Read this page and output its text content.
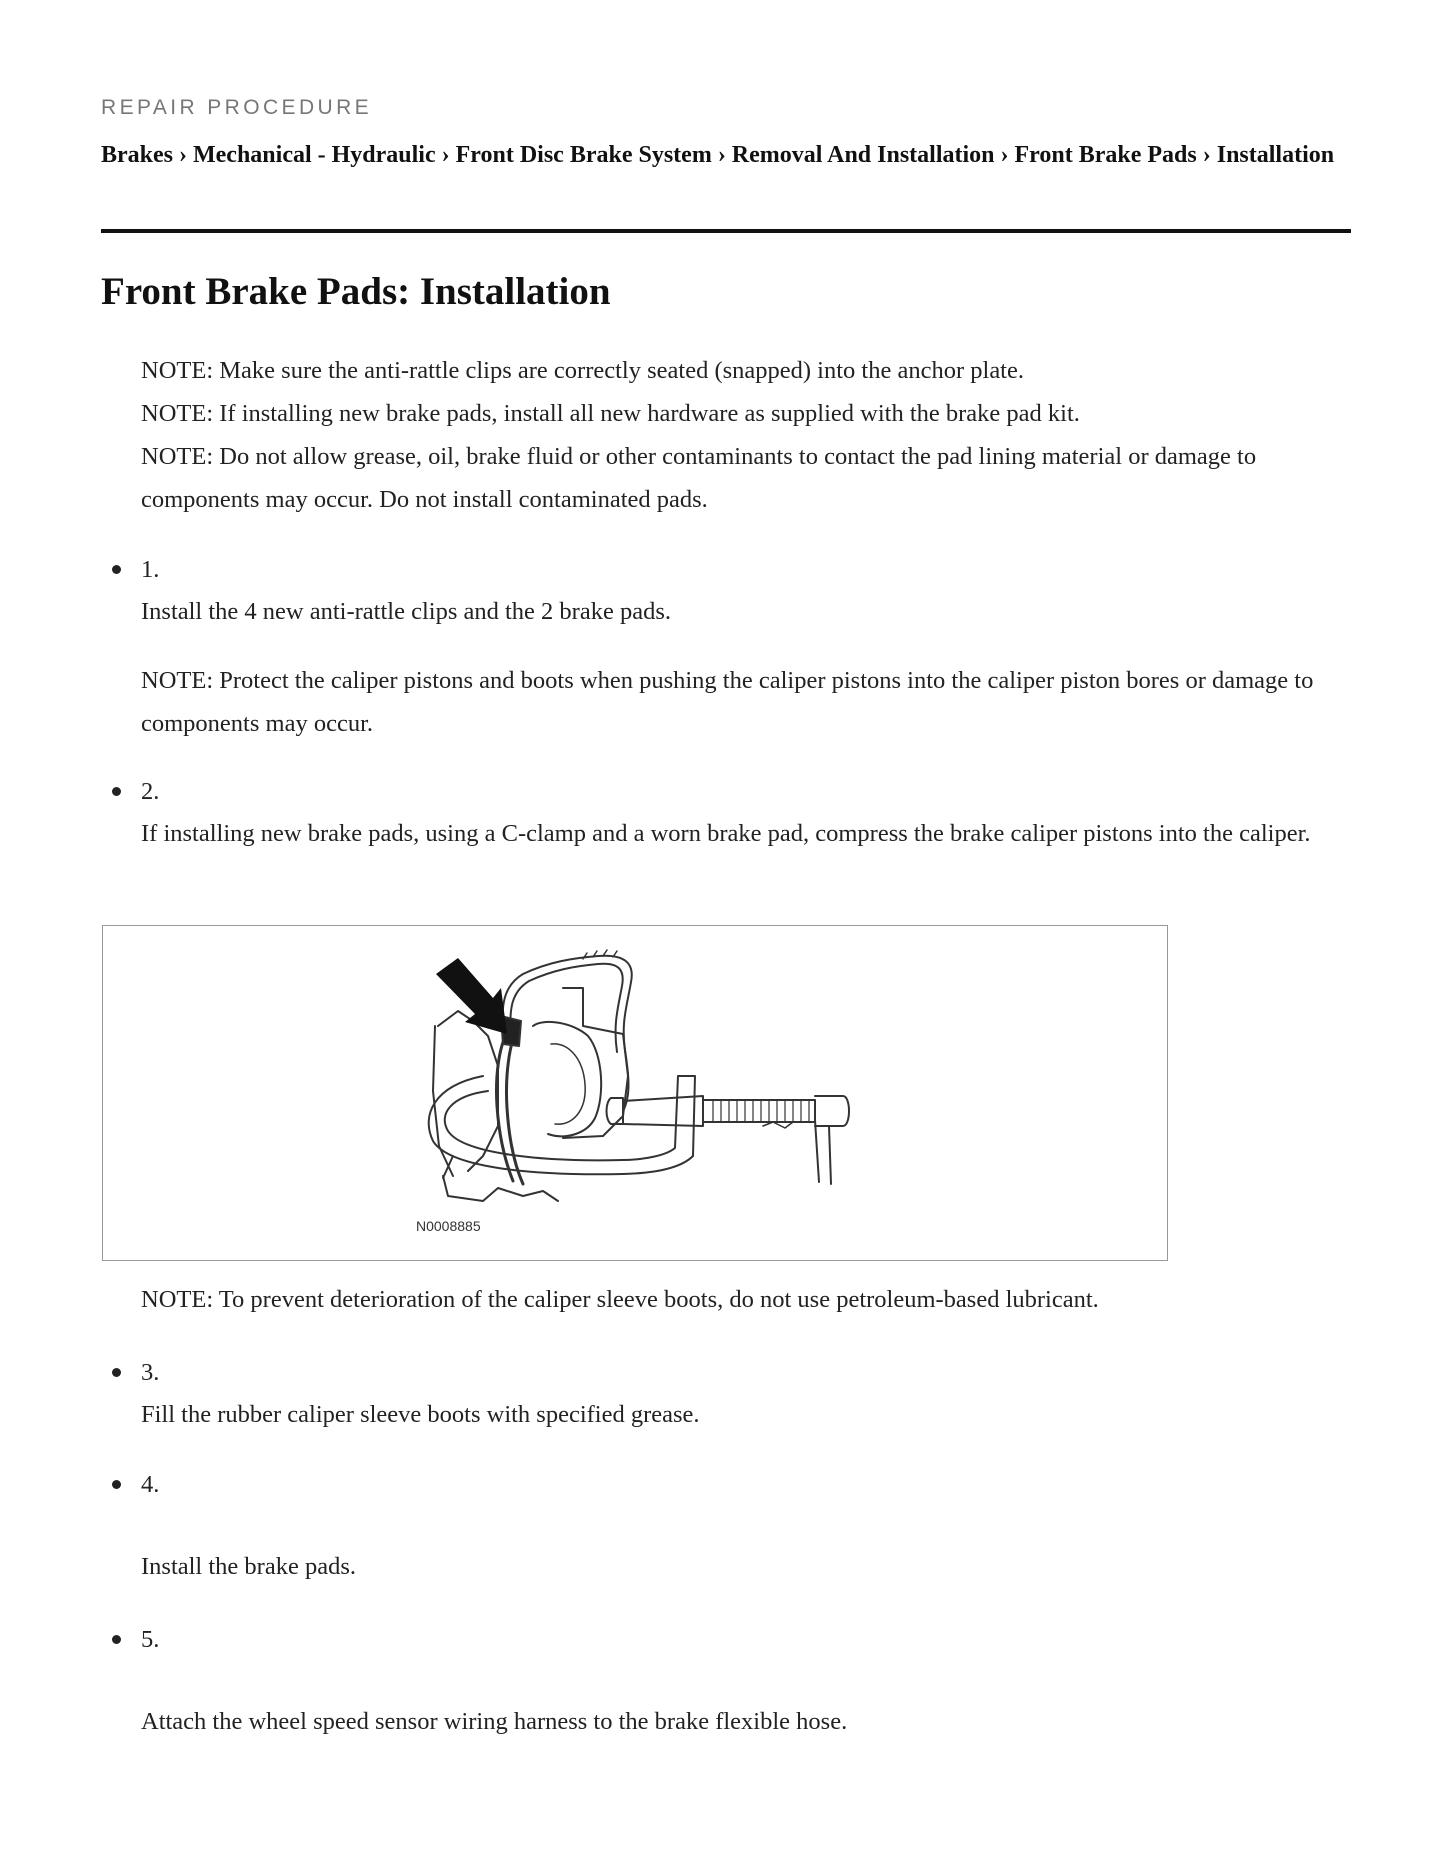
REPAIR PROCEDURE
Brakes › Mechanical - Hydraulic › Front Disc Brake System › Removal And Installation › Front Brake Pads › Installation
Front Brake Pads: Installation
NOTE: Make sure the anti-rattle clips are correctly seated (snapped) into the anchor plate.
NOTE: If installing new brake pads, install all new hardware as supplied with the brake pad kit.
NOTE: Do not allow grease, oil, brake fluid or other contaminants to contact the pad lining material or damage to components may occur. Do not install contaminated pads.
1.
Install the 4 new anti-rattle clips and the 2 brake pads.
NOTE: Protect the caliper pistons and boots when pushing the caliper pistons into the caliper piston bores or damage to components may occur.
2.
If installing new brake pads, using a C-clamp and a worn brake pad, compress the brake caliper pistons into the caliper.
N0008885
NOTE: To prevent deterioration of the caliper sleeve boots, do not use petroleum-based lubricant.
3.
Fill the rubber caliper sleeve boots with specified grease.
4.
Install the brake pads.
5.
Attach the wheel speed sensor wiring harness to the brake flexible hose.
